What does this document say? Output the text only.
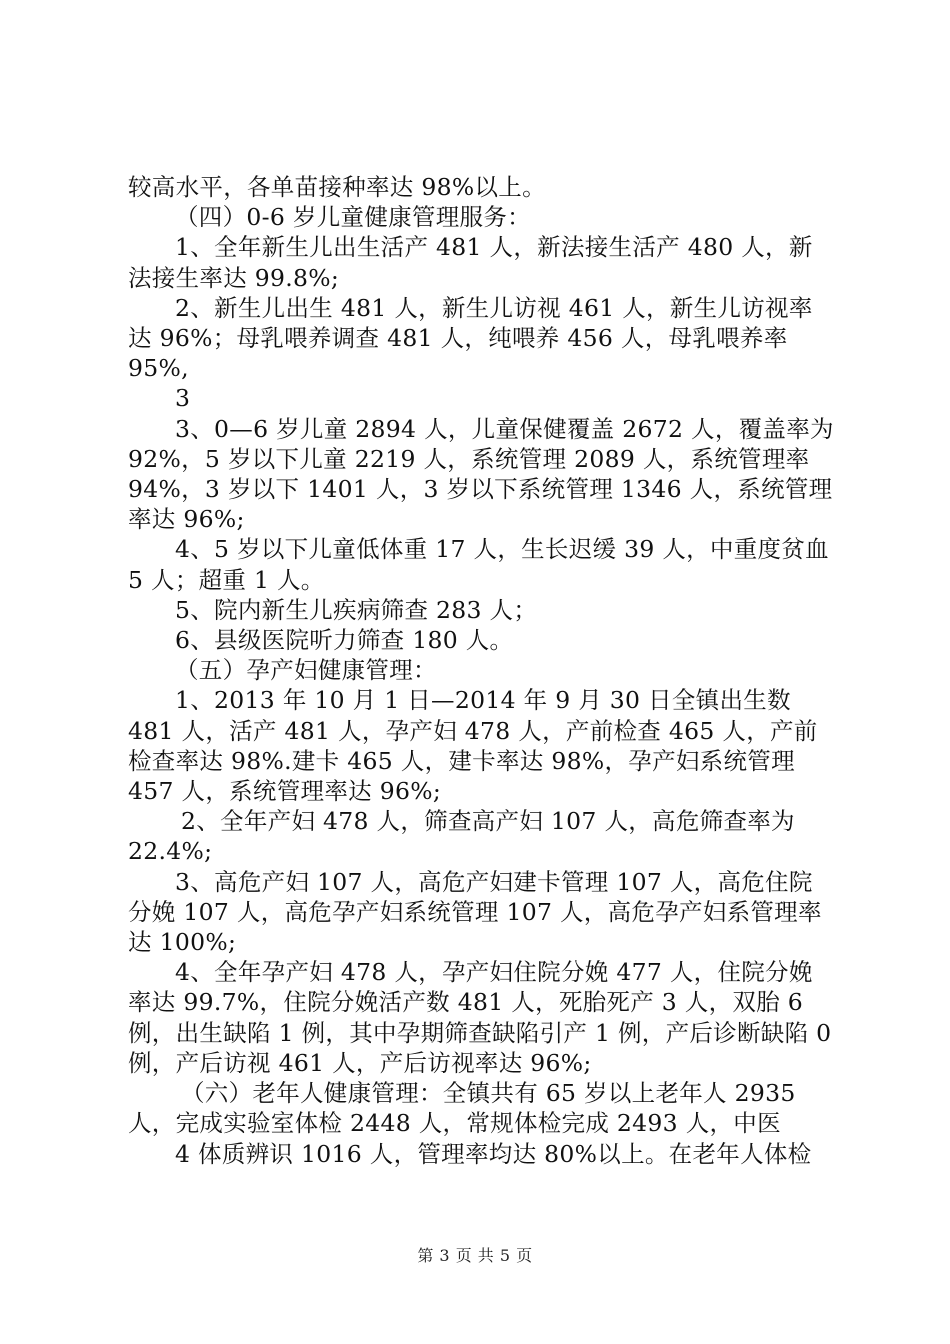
较高水平，各单苗接种率达 98%以上。

（四）0-6 岁儿童健康管理服务：

1、全年新生儿出生活产 481 人，新法接生活产 480 人，新法接生率达 99.8%;

2、新生儿出生 481 人，新生儿访视 461 人，新生儿访视率达 96%；母乳喂养调查 481 人，纯喂养 456 人，母乳喂养率 95%,

3

3、0—6 岁儿童 2894 人，儿童保健覆盖 2672 人，覆盖率为 92%，5 岁以下儿童 2219 人，系统管理 2089 人，系统管理率 94%，3 岁以下 1401 人，3 岁以下系统管理 1346 人，系统管理率达 96%;

4、5 岁以下儿童低体重 17 人，生长迟缓 39 人，中重度贫血 5 人；超重 1 人。

5、院内新生儿疾病筛查 283 人；

6、县级医院听力筛查 180 人。

（五）孕产妇健康管理：

1、2013 年 10 月 1 日—2014 年 9 月 30 日全镇出生数 481 人，活产 481 人，孕产妇 478 人，产前检查 465 人，产前检查率达 98%.建卡 465 人，建卡率达 98%，孕产妇系统管理 457 人，系统管理率达 96%;

2、全年产妇 478 人，筛查高产妇 107 人，高危筛查率为 22.4%;

3、高危产妇 107 人，高危产妇建卡管理 107 人，高危住院分娩 107 人，高危孕产妇系统管理 107 人，高危孕产妇系管理率达 100%;

4、全年孕产妇 478 人，孕产妇住院分娩 477 人，住院分娩率达 99.7%，住院分娩活产数 481 人，死胎死产 3 人，双胎 6 例，出生缺陷 1 例，其中孕期筛查缺陷引产 1 例，产后诊断缺陷 0 例，产后访视 461 人，产后访视率达 96%;

（六）老年人健康管理：全镇共有 65 岁以上老年人 2935 人，完成实验室体检 2448 人，常规体检完成 2493 人，中医

4 体质辨识 1016 人，管理率均达 80%以上。在老年人体检

第 3 页 共 5 页
